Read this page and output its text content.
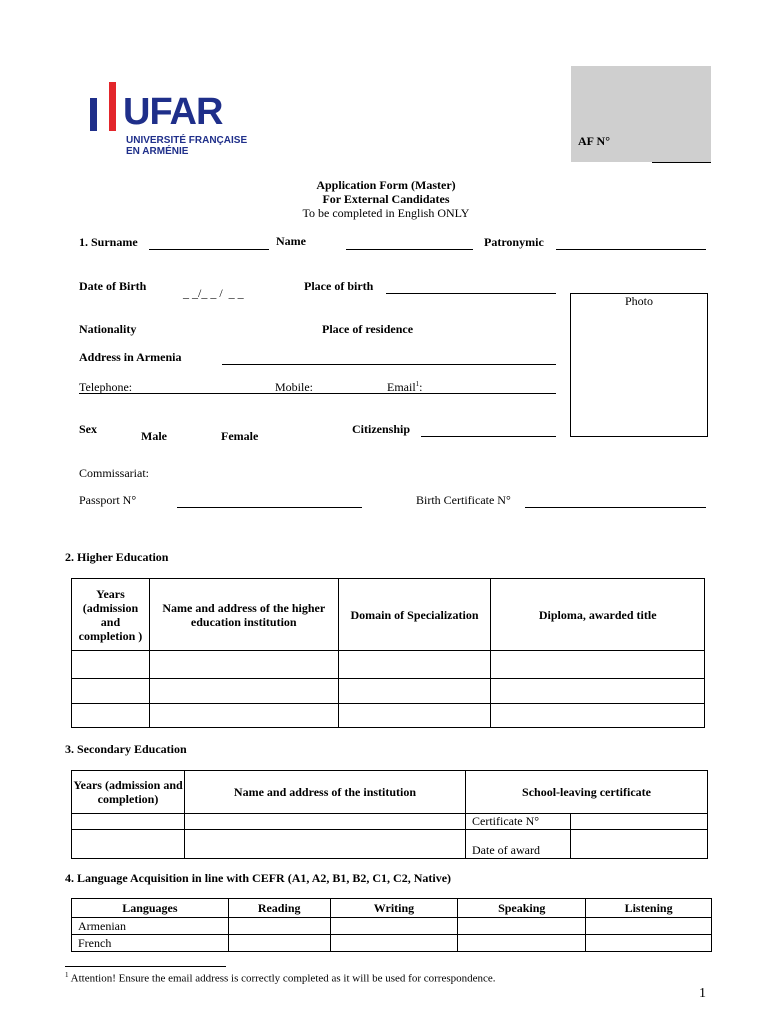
UFAR
UNIVERSITÉ FRANÇAISE
EN ARMÉNIE
AF N°
Application Form (Master)
For External Candidates
To be completed in English ONLY
1. Surname	Name	Patronymic
Date of Birth	_ _/_ _ /  _ _	Place of birth
Photo
Nationality	Place of residence
Address in Armenia
Telephone:	Mobile:	Email$^1$:
Sex	Male	Female	Citizenship
Commissariat:
Passport N°	Birth Certificate N°
2. Higher Education
Years (admission and completion )	Name and address of the higher education institution	Domain of Specialization	Diploma, awarded title

3. Secondary Education
Years (admission and completion)	Name and address of the institution	School-leaving certificate	
		Certificate N°	
		Date of award	
4. Language Acquisition in line with CEFR (A1, A2, B1, B2, C1, C2, Native)
Languages	Reading	Writing	Speaking	Listening
Armenian				
French				
$^1$ Attention! Ensure the email address is correctly completed as it will be used for correspondence.
1
